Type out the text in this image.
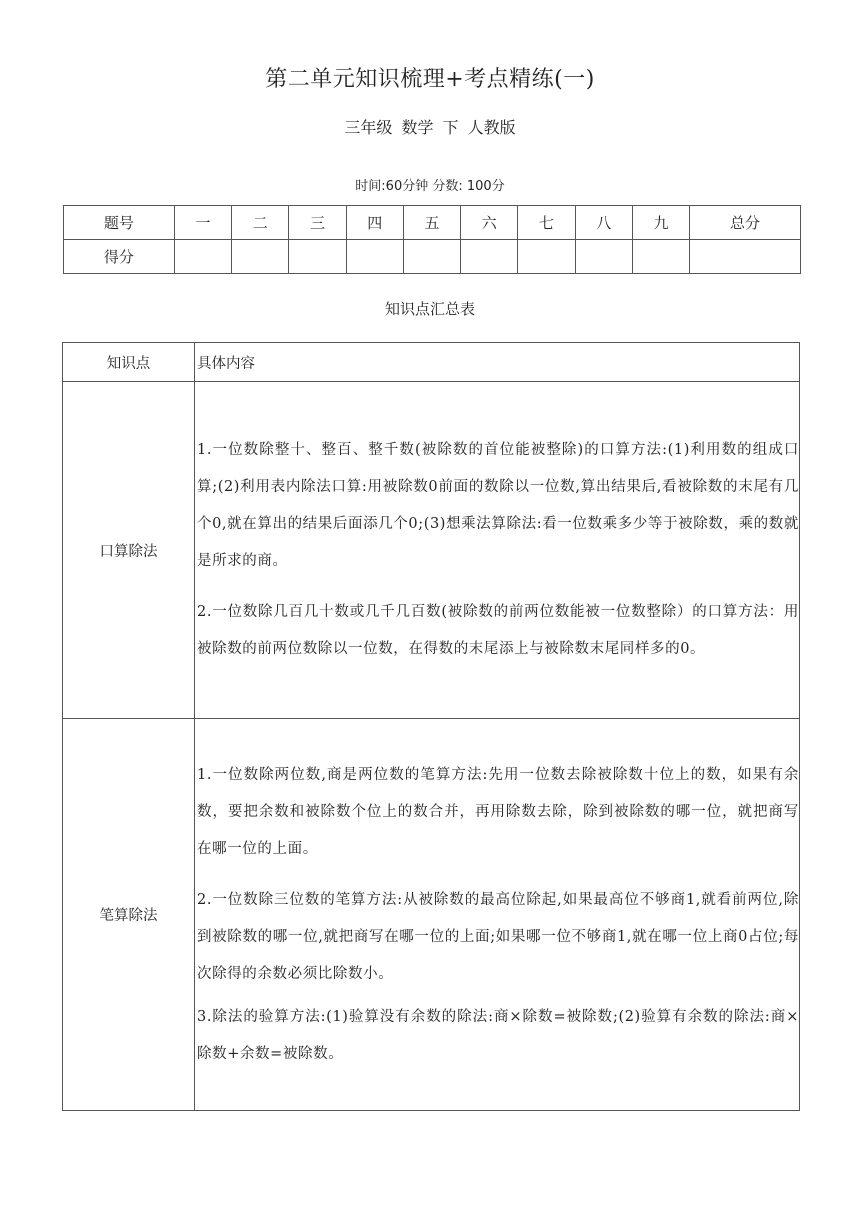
第二单元知识梳理+考点精练(一)
三年级 数学 下 人教版
时间:60分钟 分数: 100分
题号	一	二	三	四	五	六	七	八	九	总分
得分										
知识点汇总表
知识点	具体内容
口算除法	1.一位数除整十、整百、整千数(被除数的首位能被整除)的口算方法:(1)利用数的组成口算;(2)利用表内除法口算:用被除数0前面的数除以一位数,算出结果后,看被除数的末尾有几个0,就在算出的结果后面添几个0;(3)想乘法算除法:看一位数乘多少等于被除数，乘的数就是所求的商。
2.一位数除几百几十数或几千几百数(被除数的前两位数能被一位数整除）的口算方法：用被除数的前两位数除以一位数，在得数的末尾添上与被除数末尾同样多的0。

笔算除法	1.一位数除两位数,商是两位数的笔算方法:先用一位数去除被除数十位上的数，如果有余数，要把余数和被除数个位上的数合并，再用除数去除，除到被除数的哪一位，就把商写在哪一位的上面。
2.一位数除三位数的笔算方法:从被除数的最高位除起,如果最高位不够商1,就看前两位,除到被除数的哪一位,就把商写在哪一位的上面;如果哪一位不够商1,就在哪一位上商0占位;每次除得的余数必须比除数小。
3.除法的验算方法:(1)验算没有余数的除法:商×除数=被除数;(2)验算有余数的除法:商×除数+余数=被除数。
